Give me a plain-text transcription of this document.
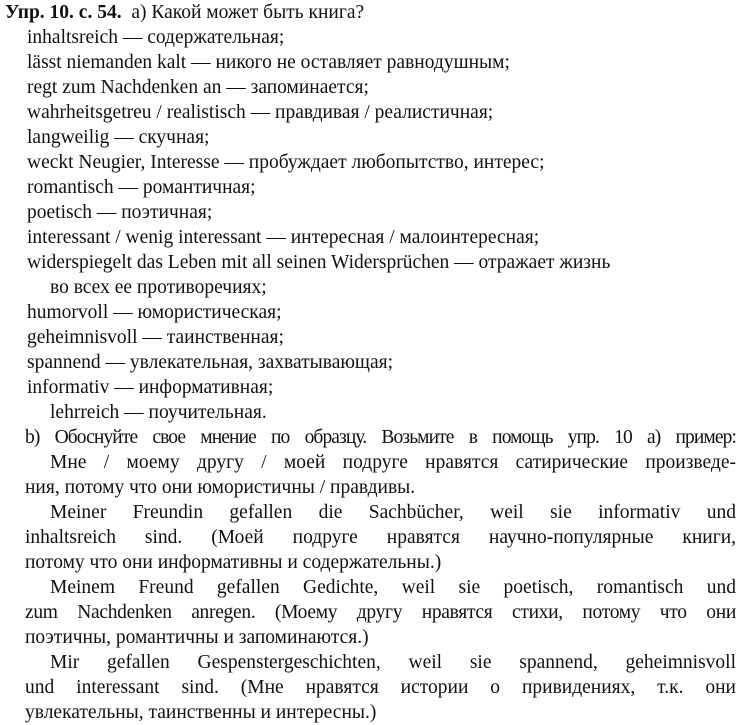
Упр. 10. с. 54. а) Какой может быть книга?
inhaltsreich — содержательная;
lässt niemanden kalt — никого не оставляет равнодушным;
regt zum Nachdenken an — запоминается;
wahrheitsgetreu / realistisch — правдивая / реалистичная;
langweilig — скучная;
weckt Neugier, Interesse — пробуждает любопытство, интерес;
romantisch — романтичная;
poetisch — поэтичная;
interessant / wenig interessant — интересная / малоинтересная;
widerspiegelt das Leben mit all seinen Widersprüchen — отражает жизнь
во всех ее противоречиях;
humorvoll — юмористическая;
geheimnisvoll — таинственная;
spannend — увлекательная, захватывающая;
informativ — информативная;
lehrreich — поучительная.
b) Обоснуйте свое мнение по образцу. Возьмите в помощь упр. 10 а) пример:
Мне / моему другу / моей подруге нравятся сатирические произведе-
ния, потому что они юмористичны / правдивы.
Meiner Freundin gefallen die Sachbücher, weil sie informativ und
inhaltsreich sind. (Моей подруге нравятся научно-популярные книги,
потому что они информативны и содержательны.)
Meinem Freund gefallen Gedichte, weil sie poetisch, romantisch und
zum Nachdenken anregen. (Моему другу нравятся стихи, потому что они
поэтичны, романтичны и запоминаются.)
Mir gefallen Gespenstergeschichten, weil sie spannend, geheimnisvoll
und interessant sind. (Мне нравятся истории о привидениях, т.к. они
увлекательны, таинственны и интересны.)
